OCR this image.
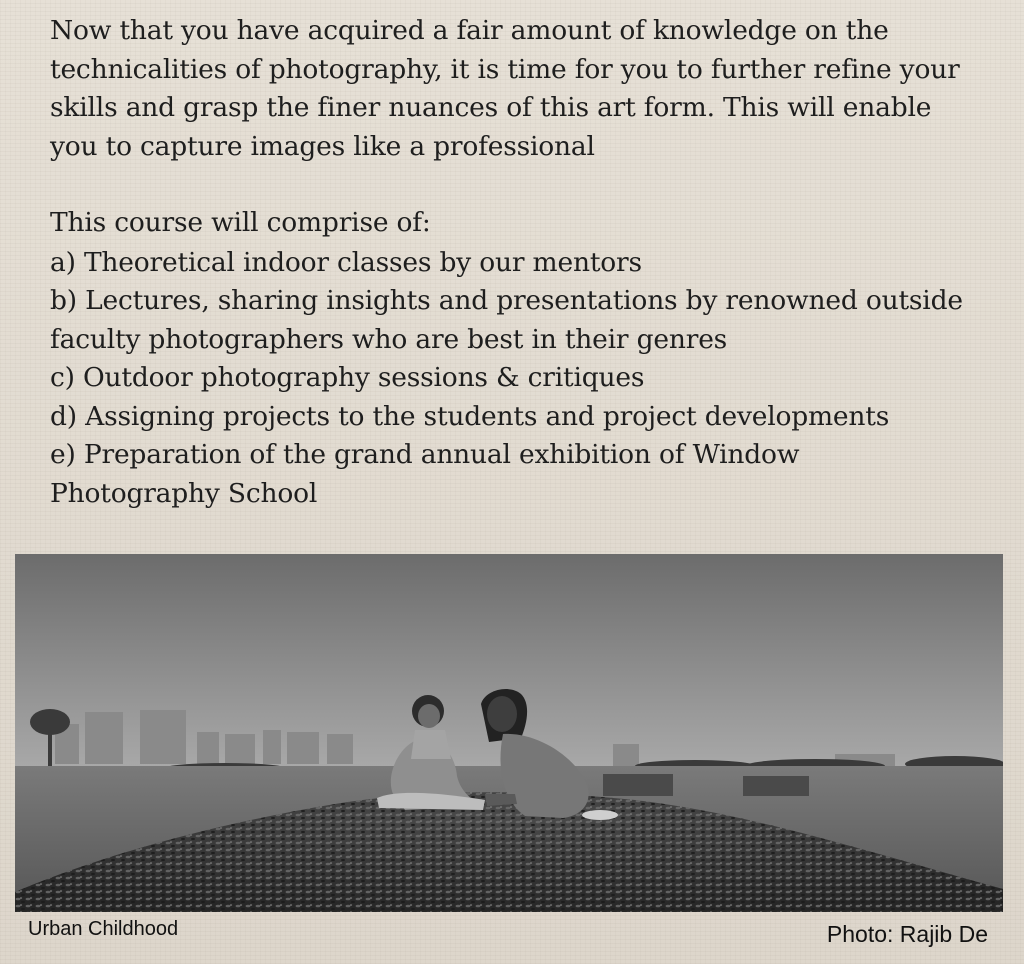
Now that you have acquired a fair amount of knowledge on the
technicalities of photography, it is time for you to further refine your
skills and grasp the finer nuances of this art form. This will enable
you to capture images like a professional
This course will comprise of:
a) Theoretical indoor classes by our mentors
b) Lectures, sharing insights and presentations by renowned outside
faculty photographers who are best in their genres
c) Outdoor photography sessions & critiques
d) Assigning projects to the students and project developments
e) Preparation of the grand annual exhibition of Window
Photography School
Urban Childhood	Photo: Rajib De
